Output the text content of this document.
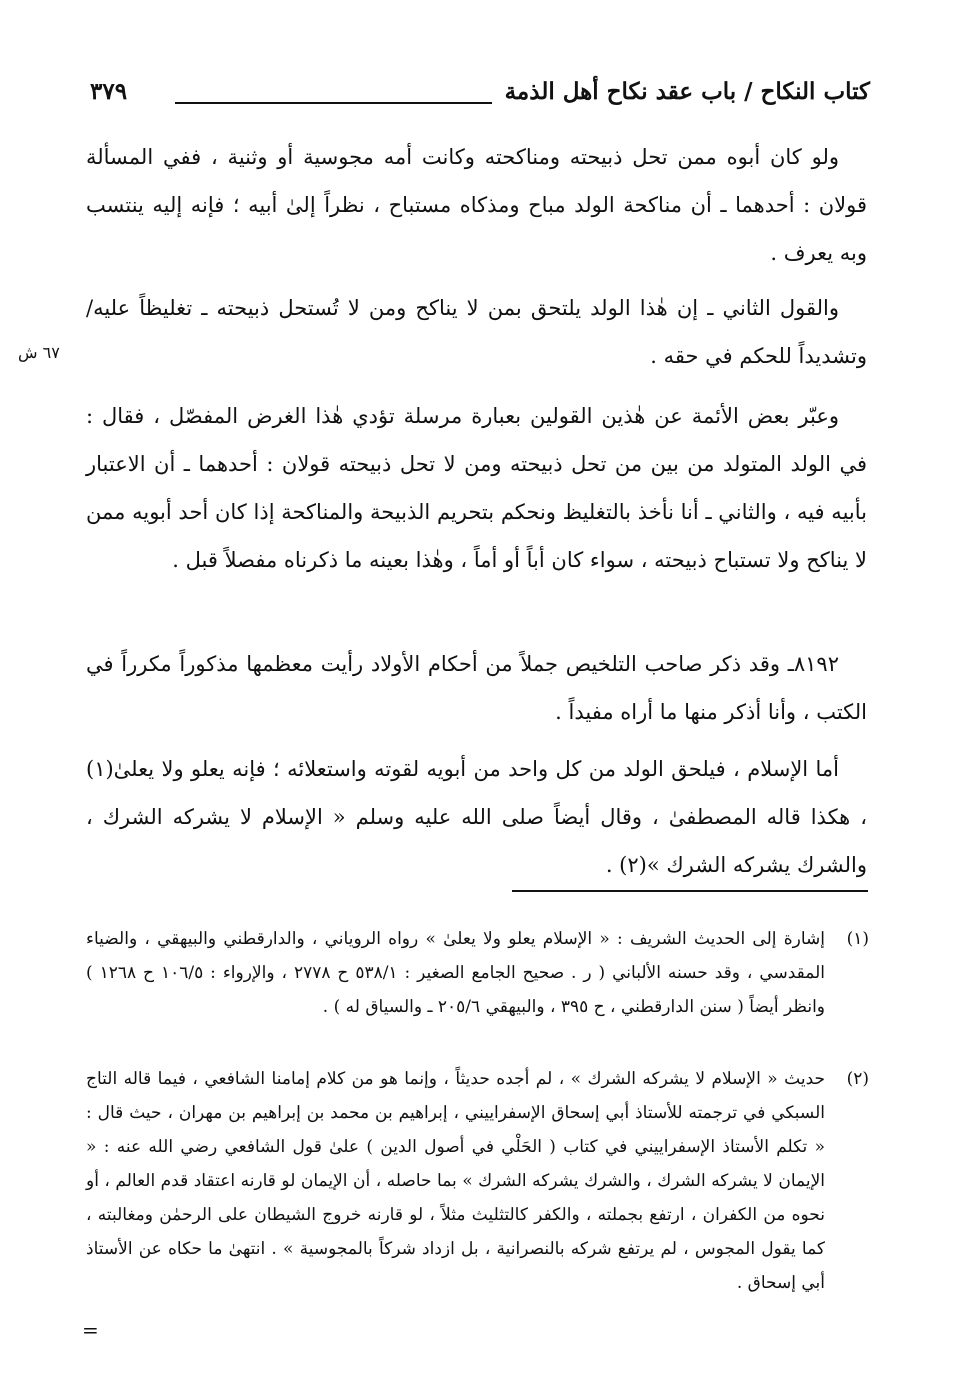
كتاب النكاح / باب عقد نكاح أهل الذمة
٣٧٩
٦٧ ش

ولو كان أبوه ممن تحل ذبيحته ومناكحته وكانت أمه مجوسية أو وثنية ، ففي المسألة قولان : أحدهما ـ أن مناكحة الولد مباح ومذكاه مستباح ، نظراً إلىٰ أبيه ؛ فإنه إليه ينتسب وبه يعرف .

والقول الثاني ـ إن هٰذا الولد يلتحق بمن لا يناكح ومن لا تُستحل ذبيحته ـ تغليظاً عليه/ وتشديداً للحكم في حقه .

وعبّر بعض الأئمة عن هٰذين القولين بعبارة مرسلة تؤدي هٰذا الغرض المفصّل ، فقال : في الولد المتولد من بين من تحل ذبيحته ومن لا تحل ذبيحته قولان : أحدهما ـ أن الاعتبار بأبيه فيه ، والثاني ـ أنا نأخذ بالتغليظ ونحكم بتحريم الذبيحة والمناكحة إذا كان أحد أبويه ممن لا يناكح ولا تستباح ذبيحته ، سواء كان أباً أو أماً ، وهٰذا بعينه ما ذكرناه مفصلاً قبل .

٨١٩٢ـ وقد ذكر صاحب التلخيص جملاً من أحكام الأولاد رأيت معظمها مذكوراً مكرراً في الكتب ، وأنا أذكر منها ما أراه مفيداً .

أما الإسلام ، فيلحق الولد من كل واحد من أبويه لقوته واستعلائه ؛ فإنه يعلو ولا يعلىٰ(١) ، هكذا قاله المصطفىٰ ، وقال أيضاً صلى الله عليه وسلم « الإسلام لا يشركه الشرك ، والشرك يشركه الشرك »(٢) .

(١)
إشارة إلى الحديث الشريف : « الإسلام يعلو ولا يعلىٰ » رواه الروياني ، والدارقطني والبيهقي ، والضياء المقدسي ، وقد حسنه الألباني ( ر . صحيح الجامع الصغير : ٥٣٨/١ ح ٢٧٧٨ ، والإرواء : ١٠٦/٥ ح ١٢٦٨ ) وانظر أيضاً ( سنن الدارقطني ، ح ٣٩٥ ، والبيهقي ٢٠٥/٦ ـ والسياق له ) .
(٢)
حديث « الإسلام لا يشركه الشرك » ، لم أجده حديثاً ، وإنما هو من كلام إمامنا الشافعي ، فيما قاله التاج السبكي في ترجمته للأستاذ أبي إسحاق الإسفراييني ، إبراهيم بن محمد بن إبراهيم بن مهران ، حيث قال : « تكلم الأستاذ الإسفراييني في كتاب ( الحَلْي في أصول الدين ) علىٰ قول الشافعي رضي الله عنه : « الإيمان لا يشركه الشرك ، والشرك يشركه الشرك » بما حاصله ، أن الإيمان لو قارنه اعتقاد قدم العالم ، أو نحوه من الكفران ، ارتفع بجملته ، والكفر كالتثليث مثلاً ، لو قارنه خروج الشيطان على الرحمٰن ومغالبته ، كما يقول المجوس ، لم يرتفع شركه بالنصرانية ، بل ازداد شركاً بالمجوسية » . انتهىٰ ما حكاه عن الأستاذ أبي إسحاق .
=
